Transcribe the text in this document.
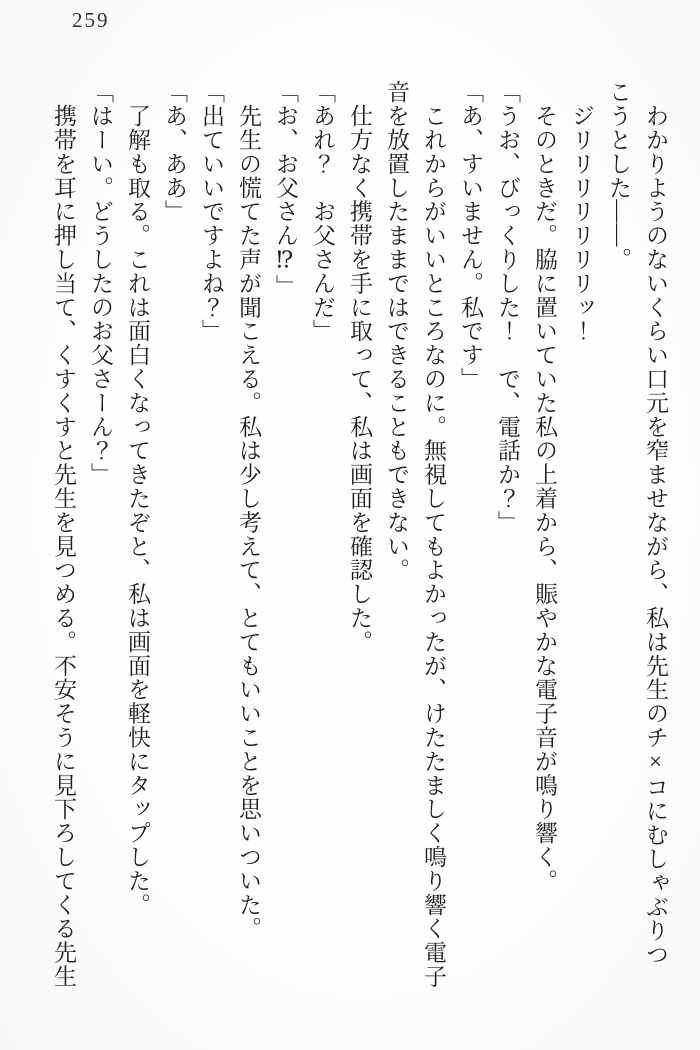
259

　わかりようのないくらい口元を窄ませながら、私は先生のチ×コにむしゃぶりつこうとした――。

　ジリリリリリリリッ！

　そのときだ。脇に置いていた私の上着から、賑やかな電子音が鳴り響く。

「うお、びっくりした！　で、電話か？」

「あ、すいません。私です」

　これからがいいところなのに。無視してもよかったが、けたたましく鳴り響く電子音を放置したままではできることもできない。

　仕方なく携帯を手に取って、私は画面を確認した。

「あれ？　お父さんだ」

「お、お父さん⁉」

　先生の慌てた声が聞こえる。私は少し考えて、とてもいいことを思いついた。

「出ていいですよね？」

「あ、ああ」

　了解も取る。これは面白くなってきたぞと、私は画面を軽快にタップした。

「はーい。どうしたのお父さーん？」

　携帯を耳に押し当て、くすくすと先生を見つめる。不安そうに見下ろしてくる先生
